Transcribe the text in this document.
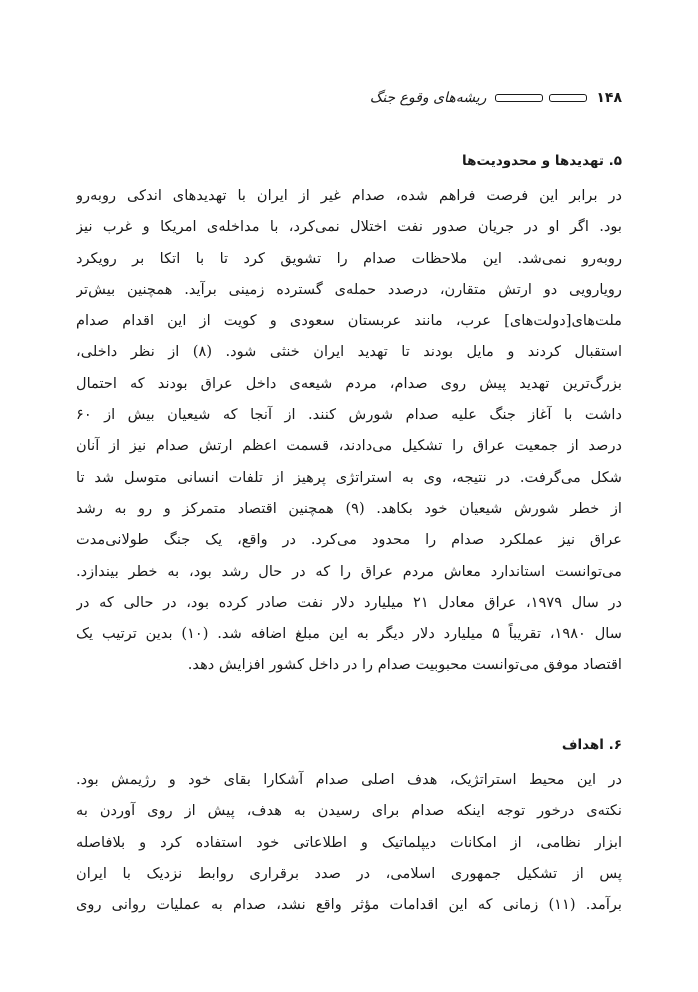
۱۴۸
ریشه‌های وقوع جنگ
۵. تهدیدها و محدودیت‌ها
در برابر این فرصت فراهم شده، صدام غیر از ایران با تهدیدهای اندکی روبه‌رو
بود. اگر او در جریان صدور نفت اختلال نمی‌کرد، با مداخله‌ی امریکا و غرب نیز
روبه‌رو نمی‌شد. این ملاحظات صدام را تشویق کرد تا با اتکا بر رویکرد
رویارویی دو ارتش متقارن، درصدد حمله‌ی گسترده زمینی برآید. همچنین بیش‌تر
ملت‌های[دولت‌های] عرب، مانند عربستان سعودی و کویت از این اقدام صدام
استقبال کردند و مایل بودند تا تهدید ایران خنثی شود. (۸) از نظر داخلی،
بزرگ‌ترین تهدید پیش روی صدام، مردم شیعه‌ی داخل عراق بودند که احتمال
داشت با آغاز جنگ علیه صدام شورش کنند. از آنجا که شیعیان بیش از ۶۰
درصد از جمعیت عراق را تشکیل می‌دادند، قسمت اعظم ارتش صدام نیز از آنان
شکل می‌گرفت. در نتیجه، وی به استراتژی پرهیز از تلفات انسانی متوسل شد تا
از خطر شورش شیعیان خود بکاهد. (۹) همچنین اقتصاد متمرکز و رو به رشد
عراق نیز عملکرد صدام را محدود می‌کرد. در واقع، یک جنگ طولانی‌مدت
می‌توانست استاندارد معاش مردم عراق را که در حال رشد بود، به خطر بیندازد.
در سال ۱۹۷۹، عراق معادل ۲۱ میلیارد دلار نفت صادر کرده بود، در حالی که در
سال ۱۹۸۰، تقریباً ۵ میلیارد دلار دیگر به این مبلغ اضافه شد. (۱۰) بدین ترتیب یک
اقتصاد موفق می‌توانست محبوبیت صدام را در داخل کشور افزایش دهد.
۶. اهداف
در این محیط استراتژیک، هدف اصلی صدام آشکارا بقای خود و رژیمش بود.
نکته‌ی درخور توجه اینکه صدام برای رسیدن به هدف، پیش از روی آوردن به
ابزار نظامی، از امکانات دیپلماتیک و اطلاعاتی خود استفاده کرد و بلافاصله
پس از تشکیل جمهوری اسلامی، در صدد برقراری روابط نزدیک با ایران
برآمد. (۱۱) زمانی که این اقدامات مؤثر واقع نشد، صدام به عملیات روانی روی
